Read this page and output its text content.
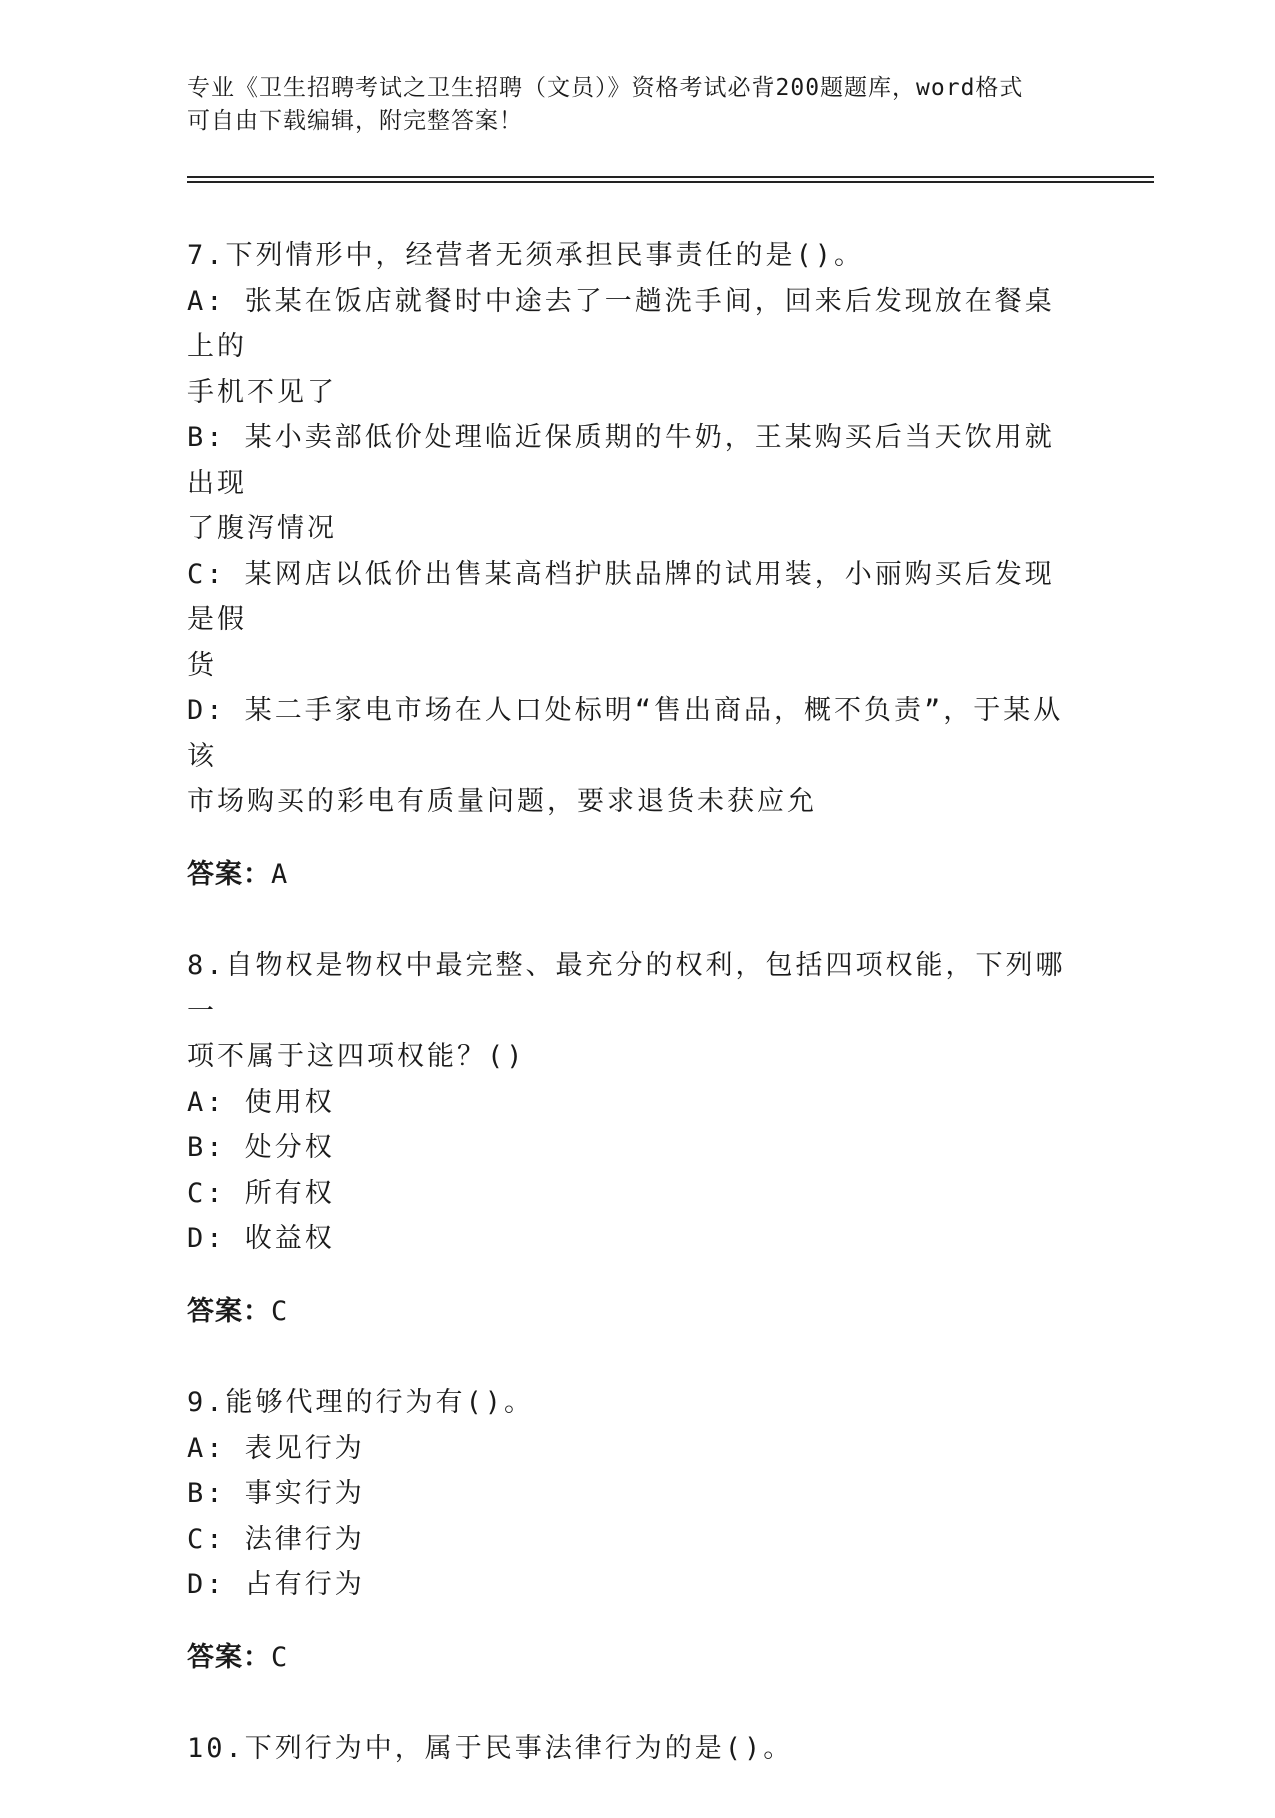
专业《卫生招聘考试之卫生招聘（文员）》资格考试必背200题题库，word格式
可自由下载编辑，附完整答案！

7.下列情形中，经营者无须承担民事责任的是()。

A: 张某在饭店就餐时中途去了一趟洗手间，回来后发现放在餐桌上的

手机不见了

B: 某小卖部低价处理临近保质期的牛奶，王某购买后当天饮用就出现

了腹泻情况

C: 某网店以低价出售某高档护肤品牌的试用装，小丽购买后发现是假

货

D: 某二手家电市场在人口处标明“售出商品，概不负责”，于某从该

市场购买的彩电有质量问题，要求退货未获应允

答案：A

8.自物权是物权中最完整、最充分的权利，包括四项权能，下列哪一

项不属于这四项权能？()

A: 使用权

B: 处分权

C: 所有权

D: 收益权

答案：C

9.能够代理的行为有()。

A: 表见行为

B: 事实行为

C: 法律行为

D: 占有行为

答案：C

10.下列行为中，属于民事法律行为的是()。
